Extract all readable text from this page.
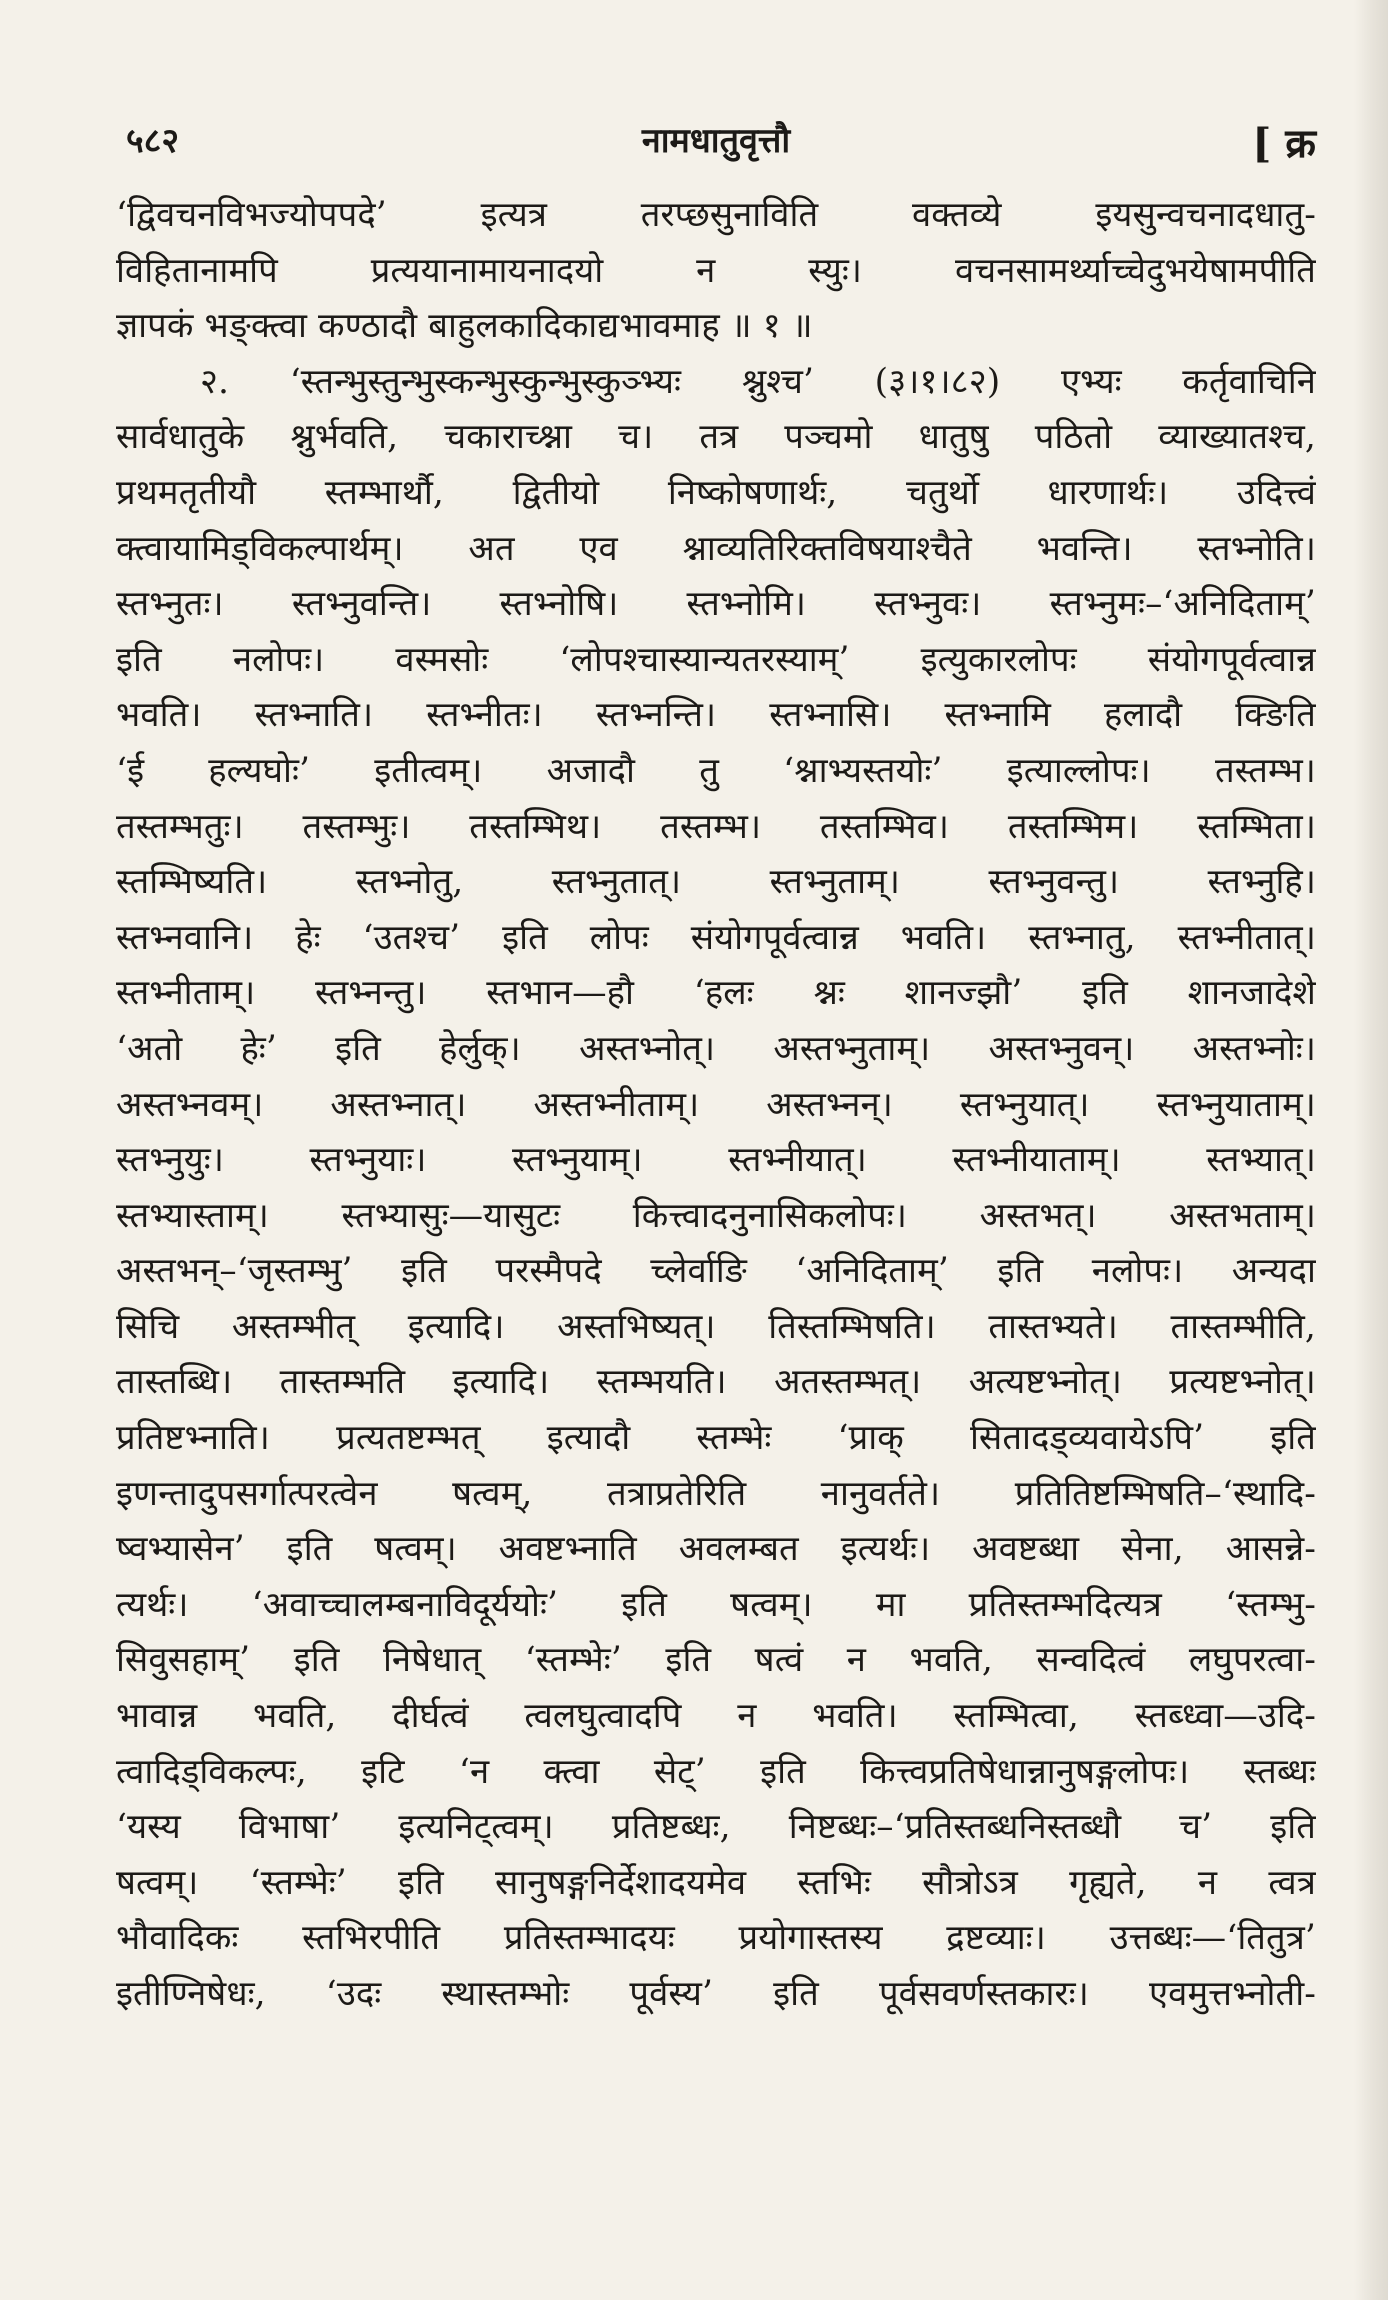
५८२	नामधातुवृत्तौ	[ क्र
‘द्विवचनविभज्योपपदे’ इत्यत्र तरप्छसुनाविति वक्तव्ये इयसुन्वचनादधातु-
विहितानामपि प्रत्ययानामायनादयो न स्युः। वचनसामर्थ्याच्चेदुभयेषामपीति
ज्ञापकं भङ्क्त्वा कण्ठादौ बाहुलकादिकाद्यभावमाह ॥ १ ॥
२. ‘स्तन्भुस्तुन्भुस्कन्भुस्कुन्भुस्कुञ्भ्यः श्नुश्च’ (३।१।८२) एभ्यः कर्तृवाचिनि
सार्वधातुके श्नुर्भवति, चकाराच्श्ना च। तत्र पञ्चमो धातुषु पठितो व्याख्यातश्च,
प्रथमतृतीयौ स्तम्भार्थौ, द्वितीयो निष्कोषणार्थः, चतुर्थो धारणार्थः। उदित्त्वं
क्त्वायामिड्विकल्पार्थम्। अत एव श्नाव्यतिरिक्तविषयाश्चैते भवन्ति। स्तभ्नोति।
स्तभ्नुतः। स्तभ्नुवन्ति। स्तभ्नोषि। स्तभ्नोमि। स्तभ्नुवः। स्तभ्नुमः–‘अनिदिताम्’
इति नलोपः। वस्मसोः ‘लोपश्चास्यान्यतरस्याम्’ इत्युकारलोपः संयोगपूर्वत्वान्न
भवति। स्तभ्नाति। स्तभ्नीतः। स्तभ्नन्ति। स्तभ्नासि। स्तभ्नामि हलादौ क्ङिति
‘ई हल्यघोः’ इतीत्वम्। अजादौ तु ‘श्नाभ्यस्तयोः’ इत्याल्लोपः। तस्तम्भ।
तस्तम्भतुः। तस्तम्भुः। तस्तम्भिथ। तस्तम्भ। तस्तम्भिव। तस्तम्भिम। स्तम्भिता।
स्तम्भिष्यति। स्तभ्नोतु, स्तभ्नुतात्। स्तभ्नुताम्। स्तभ्नुवन्तु। स्तभ्नुहि।
स्तभ्नवानि। हेः ‘उतश्च’ इति लोपः संयोगपूर्वत्वान्न भवति। स्तभ्नातु, स्तभ्नीतात्।
स्तभ्नीताम्। स्तभ्नन्तु। स्तभान—हौ ‘हलः श्नः शानज्झौ’ इति शानजादेशे
‘अतो हेः’ इति हेर्लुक्। अस्तभ्नोत्। अस्तभ्नुताम्। अस्तभ्नुवन्। अस्तभ्नोः।
अस्तभ्नवम्। अस्तभ्नात्। अस्तभ्नीताम्। अस्तभ्नन्। स्तभ्नुयात्। स्तभ्नुयाताम्।
स्तभ्नुयुः। स्तभ्नुयाः। स्तभ्नुयाम्। स्तभ्नीयात्। स्तभ्नीयाताम्। स्तभ्यात्।
स्तभ्यास्ताम्। स्तभ्यासुः—यासुटः कित्त्वादनुनासिकलोपः। अस्तभत्। अस्तभताम्।
अस्तभन्–‘जृस्तम्भु’ इति परस्मैपदे च्लेर्वाङि ‘अनिदिताम्’ इति नलोपः। अन्यदा
सिचि अस्तम्भीत् इत्यादि। अस्तभिष्यत्। तिस्तम्भिषति। तास्तभ्यते। तास्तम्भीति,
तास्तब्धि। तास्तम्भति इत्यादि। स्तम्भयति। अतस्तम्भत्। अत्यष्टभ्नोत्। प्रत्यष्टभ्नोत्।
प्रतिष्टभ्नाति। प्रत्यतष्टम्भत् इत्यादौ स्तम्भेः ‘प्राक् सितादड्व्यवायेऽपि’ इति
इणन्तादुपसर्गात्परत्वेन षत्वम्, तत्राप्रतेरिति नानुवर्तते। प्रतितिष्टम्भिषति–‘स्थादि-
ष्वभ्यासेन’ इति षत्वम्। अवष्टभ्नाति अवलम्बत इत्यर्थः। अवष्टब्धा सेना, आसन्ने-
त्यर्थः। ‘अवाच्चालम्बनाविदूर्ययोः’ इति षत्वम्। मा प्रतिस्तम्भदित्यत्र ‘स्तम्भु-
सिवुसहाम्’ इति निषेधात् ‘स्तम्भेः’ इति षत्वं न भवति, सन्वदित्वं लघुपरत्वा-
भावान्न भवति, दीर्घत्वं त्वलघुत्वादपि न भवति। स्तम्भित्वा, स्तब्ध्वा—उदि-
त्वादिड्विकल्पः, इटि ‘न क्त्वा सेट्’ इति कित्त्वप्रतिषेधान्नानुषङ्गलोपः। स्तब्धः
‘यस्य विभाषा’ इत्यनिट्त्वम्। प्रतिष्टब्धः, निष्टब्धः–‘प्रतिस्तब्धनिस्तब्धौ च’ इति
षत्वम्। ‘स्तम्भेः’ इति सानुषङ्गनिर्देशादयमेव स्तभिः सौत्रोऽत्र गृह्यते, न त्वत्र
भौवादिकः स्तभिरपीति प्रतिस्तम्भादयः प्रयोगास्तस्य द्रष्टव्याः। उत्तब्धः—‘तितुत्र’
इतीण्निषेधः, ‘उदः स्थास्तम्भोः पूर्वस्य’ इति पूर्वसवर्णस्तकारः। एवमुत्तभ्नोती-
